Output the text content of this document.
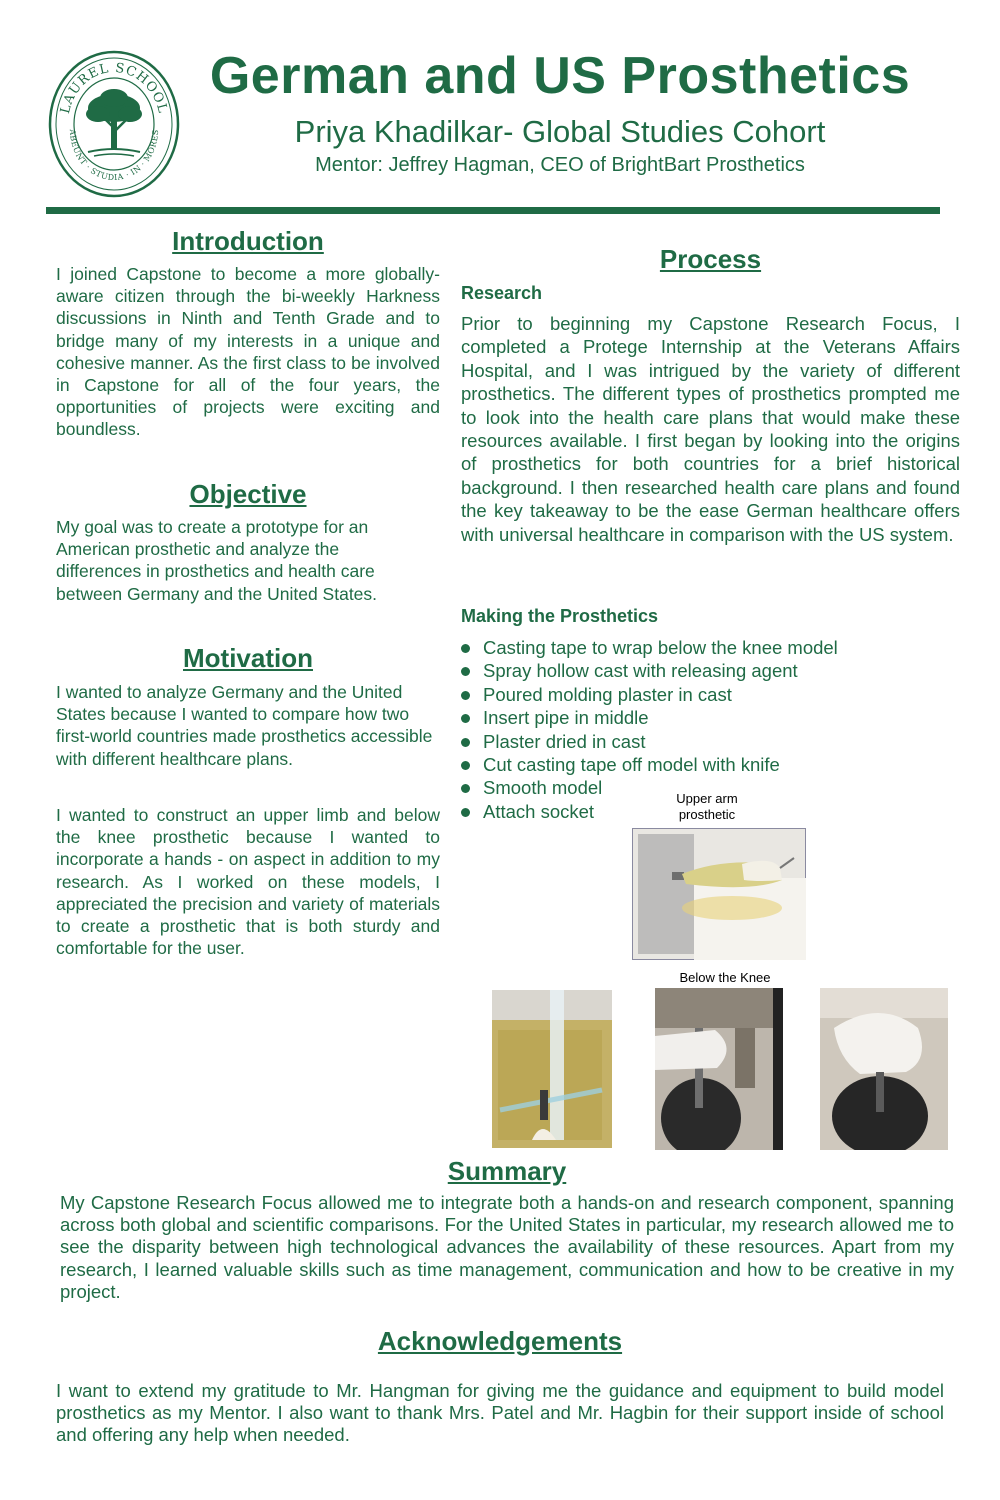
LAUREL SCHOOL
ABEUNT · STUDIA · IN · MORES
German and US Prosthetics
Priya Khadilkar- Global Studies Cohort
Mentor: Jeffrey Hagman, CEO of BrightBart Prosthetics
Introduction

I joined Capstone to become a more globally-aware citizen through the bi-weekly Harkness discussions in Ninth and Tenth Grade and to bridge many of my interests in a unique and cohesive manner. As the first class to be involved in Capstone for all of the four years, the opportunities of projects were exciting and boundless.

Objective

My goal was to create a prototype for an American prosthetic and analyze the differences in prosthetics and health care between Germany and the United States.

Motivation

I wanted to analyze Germany and the United States because I wanted to compare how two first-world countries made prosthetics accessible with different healthcare plans.

I wanted to construct an upper limb and below the knee prosthetic because I wanted to incorporate a hands - on aspect in addition to my research. As I worked on these models, I appreciated the precision and variety of materials to create a prosthetic that is both sturdy and comfortable for the user.

Process
Research

Prior to beginning my Capstone Research Focus, I completed a Protege Internship at the Veterans Affairs Hospital, and I was intrigued by the variety of different prosthetics. The different types of prosthetics prompted me to look into the health care plans that would make these resources available. I first began by looking into the origins of prosthetics for both countries for a brief historical background. I then researched health care plans and found the key takeaway to be the ease German healthcare offers with universal healthcare in comparison with the US system.

Making the Prosthetics
Casting tape to wrap below the knee model
Spray hollow cast with releasing agent
Poured molding plaster in cast
Insert pipe in middle
Plaster dried in cast
Cut casting tape off model with knife
Smooth model
Attach socket
Upper arm prosthetic
Below the Knee
Summary

My Capstone Research Focus allowed me to integrate both a hands-on and research component, spanning across both global and scientific comparisons. For the United States in particular, my research allowed me to see the disparity between high technological advances the availability of these resources. Apart from my research, I learned valuable skills such as time management, communication and how to be creative in my project.

Acknowledgements

I want to extend my gratitude to Mr. Hangman for giving me the guidance and equipment to build model prosthetics as my Mentor. I also want to thank Mrs. Patel and Mr. Hagbin for their support inside of school and offering any help when needed.
